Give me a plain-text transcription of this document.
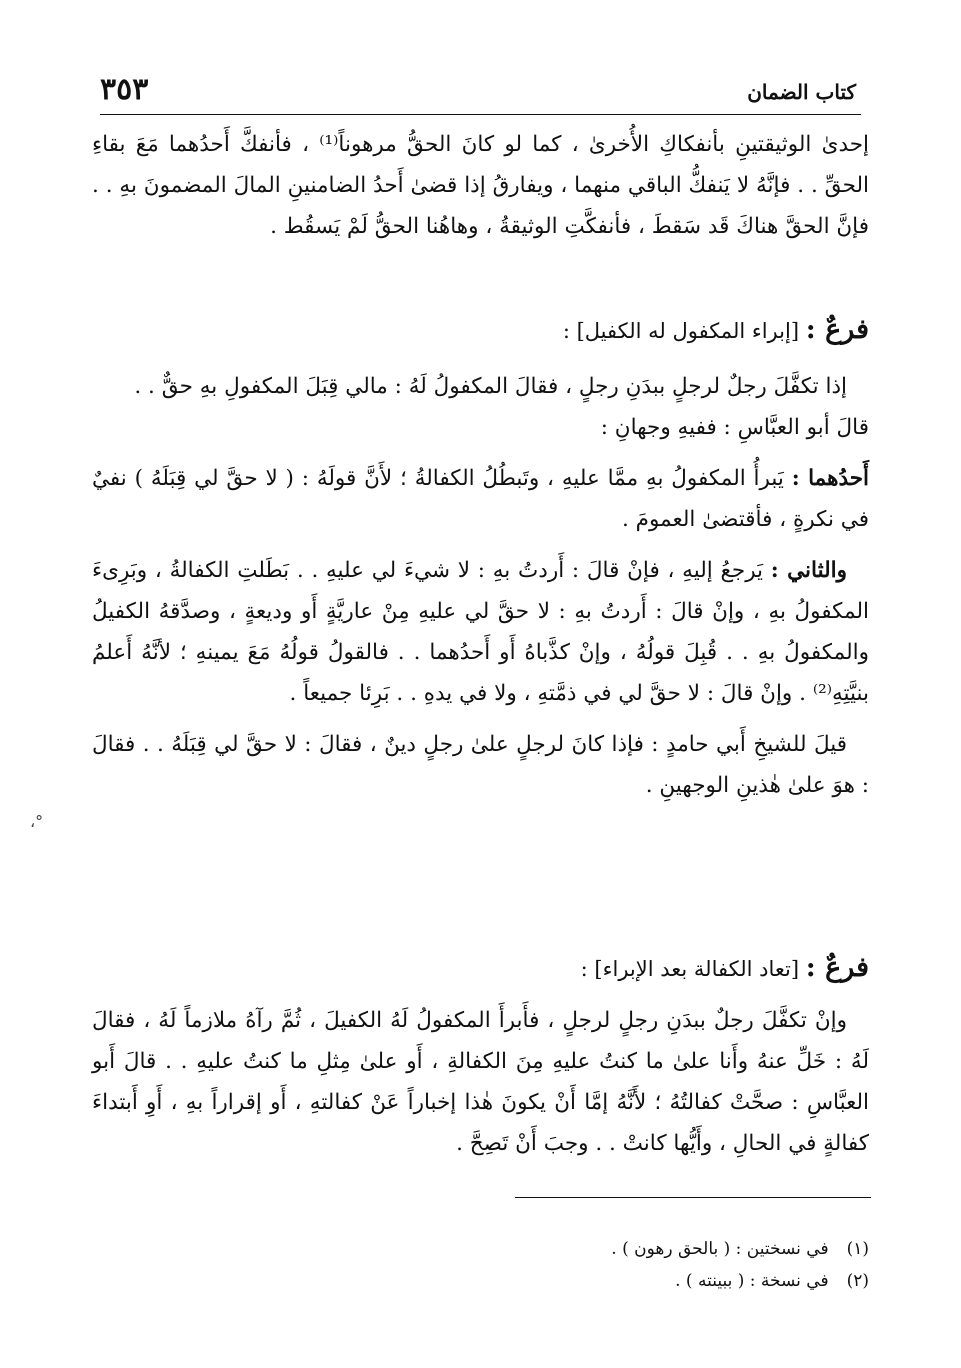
كتاب الضمان
٣٥٣

إحدىٰ الوثيقتينِ بأنفكاكِ الأُخرىٰ ، كما لو كانَ الحقُّ مرهوناً⁽¹⁾ ، فأنفكَّ أَحدُهما مَعَ بقاءِ الحقِّ . . فإنَّهُ لا يَنفكُّ الباقي منهما ، ويفارقُ إذا قضىٰ أَحدُ الضامنينِ المالَ المضمونَ بهِ . . فإنَّ الحقَّ هناكَ قَد سَقطَ ، فأنفكَّتِ الوثيقةُ ، وهاهُنا الحقُّ لَمْ يَسقُط .

فرعٌ : [إبراء المكفول له الكفيل] :

إذا تكفَّلَ رجلٌ لرجلٍ ببدَنِ رجلٍ ، فقالَ المكفولُ لَهُ : مالي قِبَلَ المكفولِ بهِ حقٌّ . .

قالَ أبو العبَّاسِ : ففيهِ وجهانِ :

أَحدُهما : يَبرأُ المكفولُ بهِ ممَّا عليهِ ، وتَبطُلُ الكفالةُ ؛ لأَنَّ قولَهُ : ( لا حقَّ لي قِبَلَهُ ) نفيٌ في نكرةٍ ، فأقتضىٰ العمومَ .

والثاني : يَرجعُ إليهِ ، فإنْ قالَ : أَردتُ بهِ : لا شيءَ لي عليهِ . . بَطَلتِ الكفالةُ ، وبَرِىءَ المكفولُ بهِ ، وإنْ قالَ : أَردتُ بهِ : لا حقَّ لي عليهِ مِنْ عاريَّةٍ أَو وديعةٍ ، وصدَّقهُ الكفيلُ والمكفولُ بهِ . . قُبِلَ قولُهُ ، وإنْ كذَّباهُ أَو أَحدُهما . . فالقولُ قولُهُ مَعَ يمينهِ ؛ لأنَّهُ أَعلمُ بنيَّتِهِ⁽²⁾ . وإنْ قالَ : لا حقَّ لي في ذمَّتهِ ، ولا في يدهِ . . بَرِئا جميعاً .

قيلَ للشيخِ أَبي حامدٍ : فإذا كانَ لرجلٍ علىٰ رجلٍ دينٌ ، فقالَ : لا حقَّ لي قِبَلَهُ . . فقالَ : هوَ علىٰ هٰذينِ الوجهينِ .

،°
فرعٌ : [تعاد الكفالة بعد الإبراء] :

وإنْ تكفَّلَ رجلٌ ببدَنِ رجلٍ لرجلٍ ، فأَبرأَ المكفولُ لَهُ الكفيلَ ، ثُمَّ رآهُ ملازماً لَهُ ، فقالَ لَهُ : خَلِّ عنهُ وأَنا علىٰ ما كنتُ عليهِ مِنَ الكفالةِ ، أَو علىٰ مِثلِ ما كنتُ عليهِ . . قالَ أَبو العبَّاسِ : صحَّتْ كفالتُهُ ؛ لأَنَّهُ إمَّا أَنْ يكونَ هٰذا إخباراً عَنْ كفالتهِ ، أَو إقراراً بهِ ، أَوِ أَبتداءَ كفالةٍ في الحالِ ، وأَيُّها كانتْ . . وجبَ أَنْ تَصِحَّ .

(١)في نسختين : ( بالحق رهون ) .
(٢)في نسخة : ( ببينته ) .
